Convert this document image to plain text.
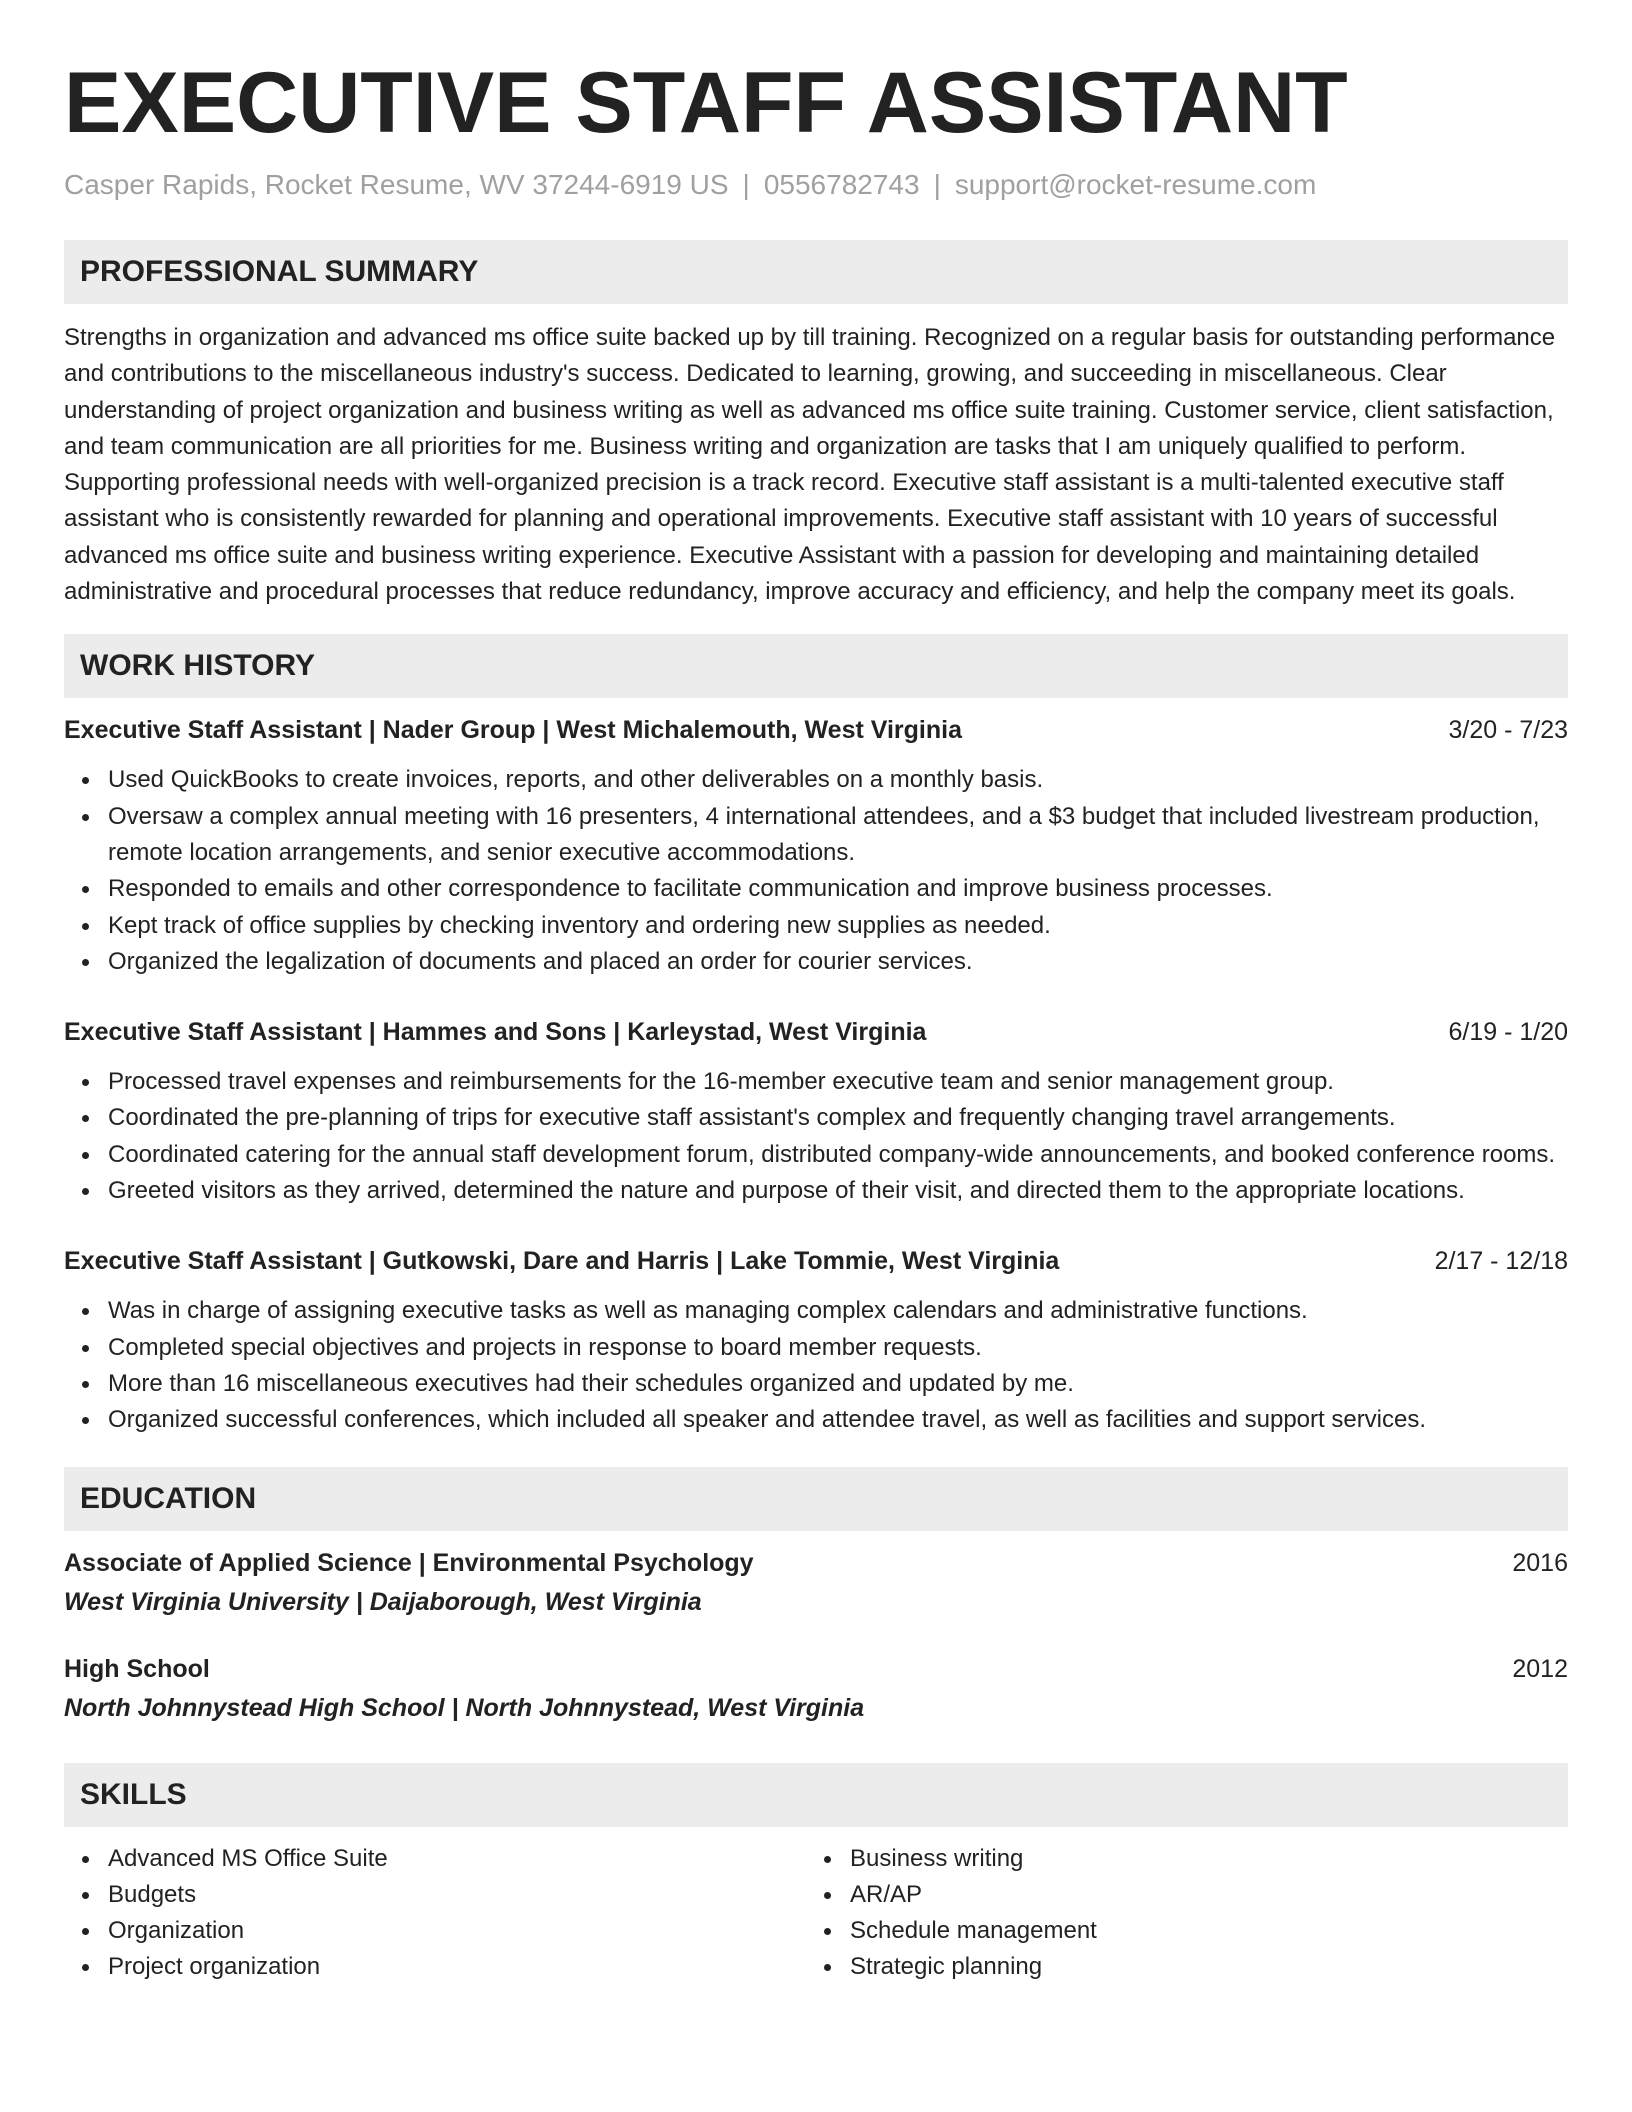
EXECUTIVE STAFF ASSISTANT
Casper Rapids, Rocket Resume, WV 37244-6919 US | 0556782743 | support@rocket-resume.com
PROFESSIONAL SUMMARY
Strengths in organization and advanced ms office suite backed up by till training. Recognized on a regular basis for outstanding performance and contributions to the miscellaneous industry's success. Dedicated to learning, growing, and succeeding in miscellaneous. Clear understanding of project organization and business writing as well as advanced ms office suite training. Customer service, client satisfaction, and team communication are all priorities for me. Business writing and organization are tasks that I am uniquely qualified to perform. Supporting professional needs with well-organized precision is a track record. Executive staff assistant is a multi-talented executive staff assistant who is consistently rewarded for planning and operational improvements. Executive staff assistant with 10 years of successful advanced ms office suite and business writing experience. Executive Assistant with a passion for developing and maintaining detailed administrative and procedural processes that reduce redundancy, improve accuracy and efficiency, and help the company meet its goals.
WORK HISTORY
Executive Staff Assistant | Nader Group | West Michalemouth, West Virginia	3/20 - 7/23
Used QuickBooks to create invoices, reports, and other deliverables on a monthly basis.
Oversaw a complex annual meeting with 16 presenters, 4 international attendees, and a $3 budget that included livestream production, remote location arrangements, and senior executive accommodations.
Responded to emails and other correspondence to facilitate communication and improve business processes.
Kept track of office supplies by checking inventory and ordering new supplies as needed.
Organized the legalization of documents and placed an order for courier services.
Executive Staff Assistant | Hammes and Sons | Karleystad, West Virginia	6/19 - 1/20
Processed travel expenses and reimbursements for the 16-member executive team and senior management group.
Coordinated the pre-planning of trips for executive staff assistant's complex and frequently changing travel arrangements.
Coordinated catering for the annual staff development forum, distributed company-wide announcements, and booked conference rooms.
Greeted visitors as they arrived, determined the nature and purpose of their visit, and directed them to the appropriate locations.
Executive Staff Assistant | Gutkowski, Dare and Harris | Lake Tommie, West Virginia	2/17 - 12/18
Was in charge of assigning executive tasks as well as managing complex calendars and administrative functions.
Completed special objectives and projects in response to board member requests.
More than 16 miscellaneous executives had their schedules organized and updated by me.
Organized successful conferences, which included all speaker and attendee travel, as well as facilities and support services.
EDUCATION
Associate of Applied Science | Environmental Psychology	2016
West Virginia University | Daijaborough, West Virginia
High School	2012
North Johnnystead High School | North Johnnystead, West Virginia
SKILLS
Advanced MS Office Suite
Budgets
Organization
Project organization
Business writing
AR/AP
Schedule management
Strategic planning
